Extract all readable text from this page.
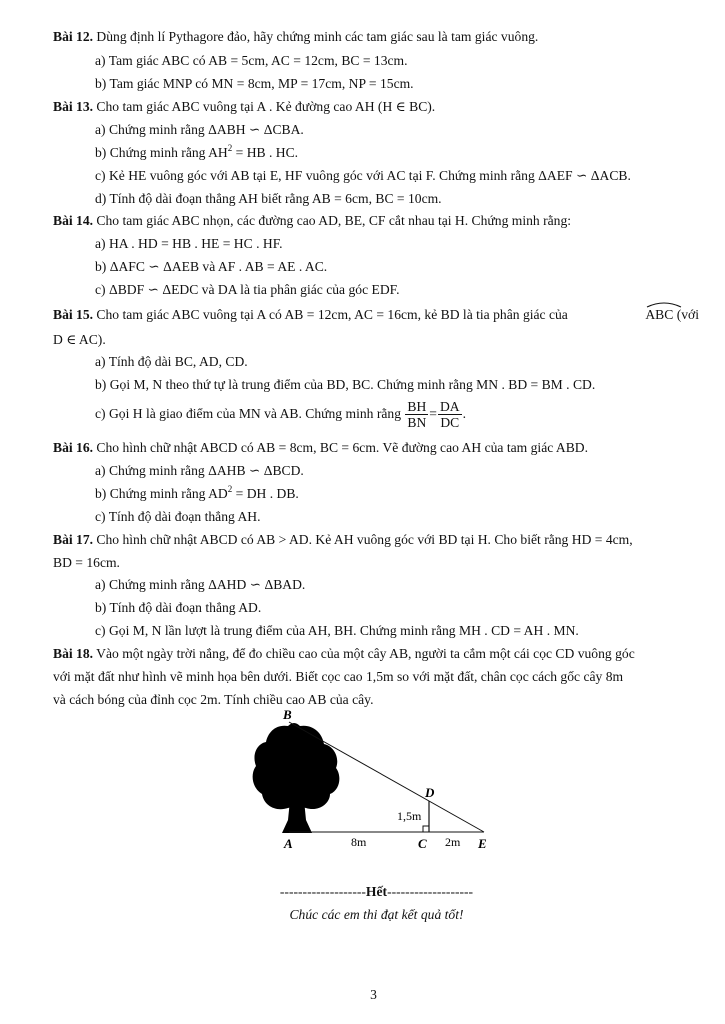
Bài 12. Dùng định lí Pythagore đảo, hãy chứng minh các tam giác sau là tam giác vuông.
a) Tam giác ABC có AB = 5cm, AC = 12cm, BC = 13cm.
b) Tam giác MNP có MN = 8cm, MP = 17cm, NP = 15cm.
Bài 13. Cho tam giác ABC vuông tại A . Kẻ đường cao AH (H ∈ BC).
a) Chứng minh rằng ΔABH ∽ ΔCBA.
b) Chứng minh rằng $AH^2$ = HB . HC.
c) Kẻ HE vuông góc với AB tại E, HF vuông góc với AC tại F. Chứng minh rằng ΔAEF ∽ ΔACB.
d) Tính độ dài đoạn thẳng AH biết rằng AB = 6cm, BC = 10cm.
Bài 14. Cho tam giác ABC nhọn, các đường cao AD, BE, CF cắt nhau tại H. Chứng minh rằng:
a) HA . HD = HB . HE = HC . HF.
b) ΔAFC ∽ ΔAEB và AF . AB = AE . AC.
c) ΔBDF ∽ ΔEDC và DA là tia phân giác của góc EDF.
Bài 15. Cho tam giác ABC vuông tại A có AB = 12cm, AC = 16cm, kẻ BD là tia phân giác của	ABC (với
D ∈ AC).
a) Tính độ dài BC, AD, CD.
b) Gọi M, N theo thứ tự là trung điểm của BD, BC. Chứng minh rằng MN . BD = BM . CD.
c) Gọi H là giao điểm của MN và AB. Chứng minh rằng $\frac{BH}{BN} = \frac{DA}{DC}$ .
Bài 16. Cho hình chữ nhật ABCD có AB = 8cm, BC = 6cm. Vẽ đường cao AH của tam giác ABD.
a) Chứng minh rằng ΔAHB ∽ ΔBCD.
b) Chứng minh rằng $AD^2$ = DH . DB.
c) Tính độ dài đoạn thẳng AH.
Bài 17. Cho hình chữ nhật ABCD có AB > AD. Kẻ AH vuông góc với BD tại H. Cho biết rằng HD = 4cm,
BD = 16cm.
a) Chứng minh rằng ΔAHD ∽ ΔBAD.
b) Tính độ dài đoạn thẳng AD.
c) Gọi M, N lần lượt là trung điểm của AH, BH. Chứng minh rằng MH . CD = AH . MN.
Bài 18. Vào một ngày trời nắng, để đo chiều cao của một cây AB, người ta cắm một cái cọc CD vuông góc
với mặt đất như hình vẽ minh họa bên dưới. Biết cọc cao 1,5m so với mặt đất, chân cọc cách gốc cây 8m
và cách bóng của đỉnh cọc 2m. Tính chiều cao AB của cây.
B
D
A	C	E
8m	2m
1,5m
-------------------Hết-------------------
Chúc các em thi đạt kết quả tốt!
3
